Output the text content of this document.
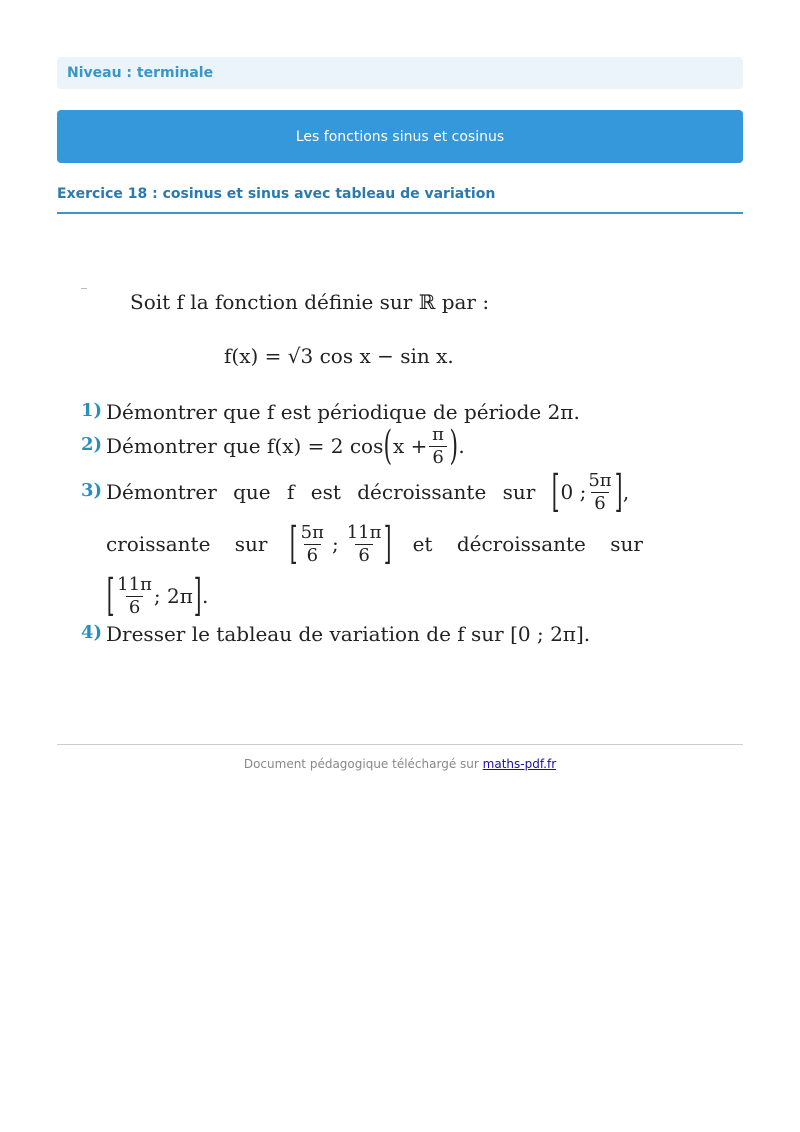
Niveau : terminale
Les fonctions sinus et cosinus
Exercice 18 : cosinus et sinus avec tableau de variation
Soit f la fonction définie sur ℝ par :
f(x) = √3 cos x − sin x.
1) Démontrer que f est périodique de période 2π.
2) Démontrer que f(x) = 2 cos ( $x + \frac{\pi}{6}$ ) .
3) Démontrer que f est décroissante sur [ 0 ; $\frac{5\pi}{6}$ ] ,
croissante sur [ $\frac{5\pi}{6}$ ; $\frac{11\pi}{6}$ ] et décroissante sur
[ $\frac{11\pi}{6}$ ; 2π ] .
4) Dresser le tableau de variation de f sur [0 ; 2π].
Document pédagogique téléchargé sur maths-pdf.fr
